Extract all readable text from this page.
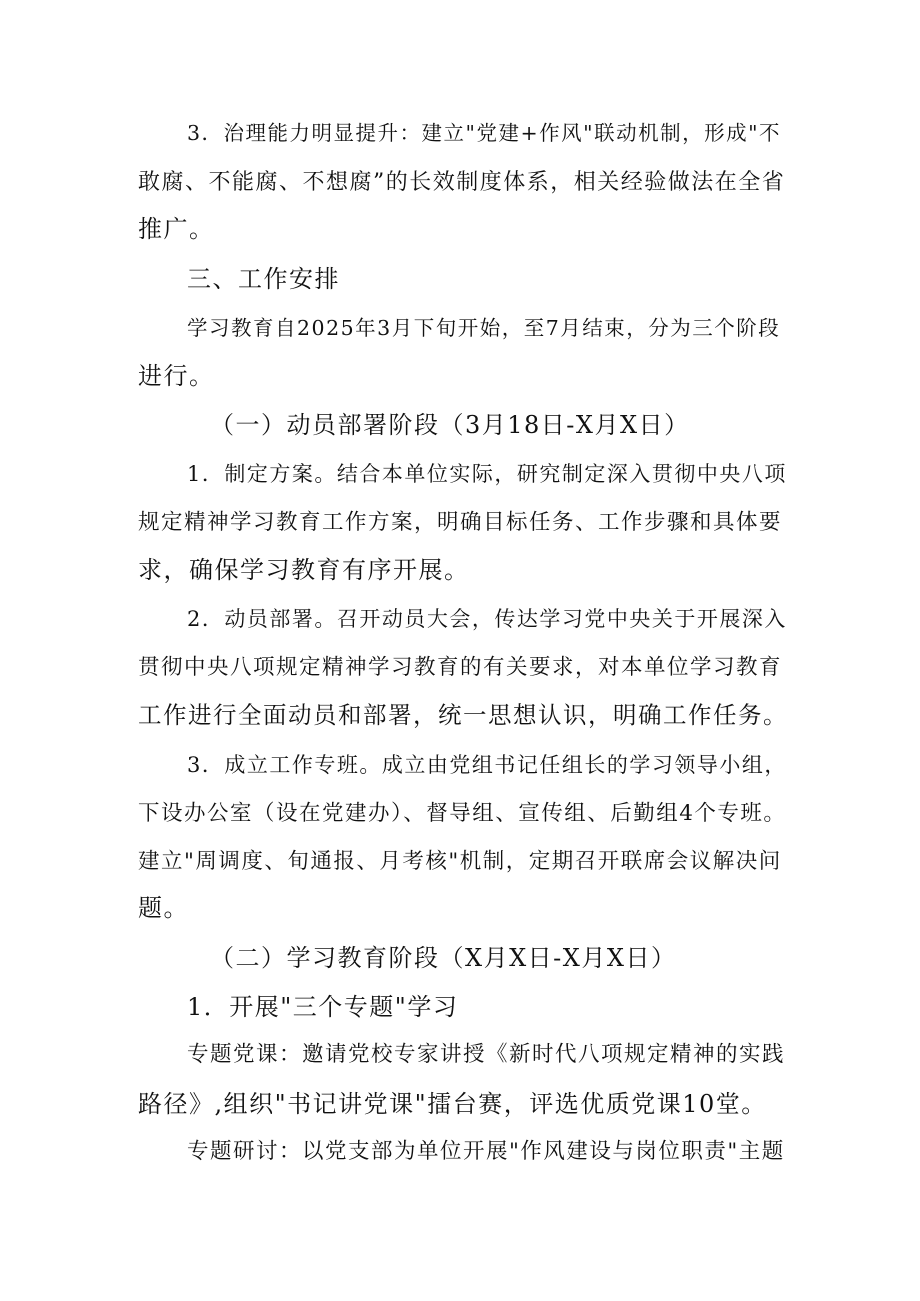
3．治理能力明显提升：建立"党建+作风"联动机制，形成"不
敢腐、不能腐、不想腐”的长效制度体系，相关经验做法在全省
推广。
三、工作安排
学习教育自2025年3月下旬开始，至7月结束，分为三个阶段
进行。
（一）动员部署阶段（3月18日-X月X日）
1．制定方案。结合本单位实际，研究制定深入贯彻中央八项
规定精神学习教育工作方案，明确目标任务、工作步骤和具体要
求，确保学习教育有序开展。
2．动员部署。召开动员大会，传达学习党中央关于开展深入
贯彻中央八项规定精神学习教育的有关要求，对本单位学习教育
工作进行全面动员和部署，统一思想认识，明确工作任务。
3．成立工作专班。成立由党组书记任组长的学习领导小组，
下设办公室（设在党建办）、督导组、宣传组、后勤组4个专班。
建立"周调度、旬通报、月考核"机制，定期召开联席会议解决问
题。
（二）学习教育阶段（X月X日-X月X日）
1．开展"三个专题"学习
专题党课：邀请党校专家讲授《新时代八项规定精神的实践
路径》,组织"书记讲党课"擂台赛，评选优质党课10堂。
专题研讨：以党支部为单位开展"作风建设与岗位职责"主题
